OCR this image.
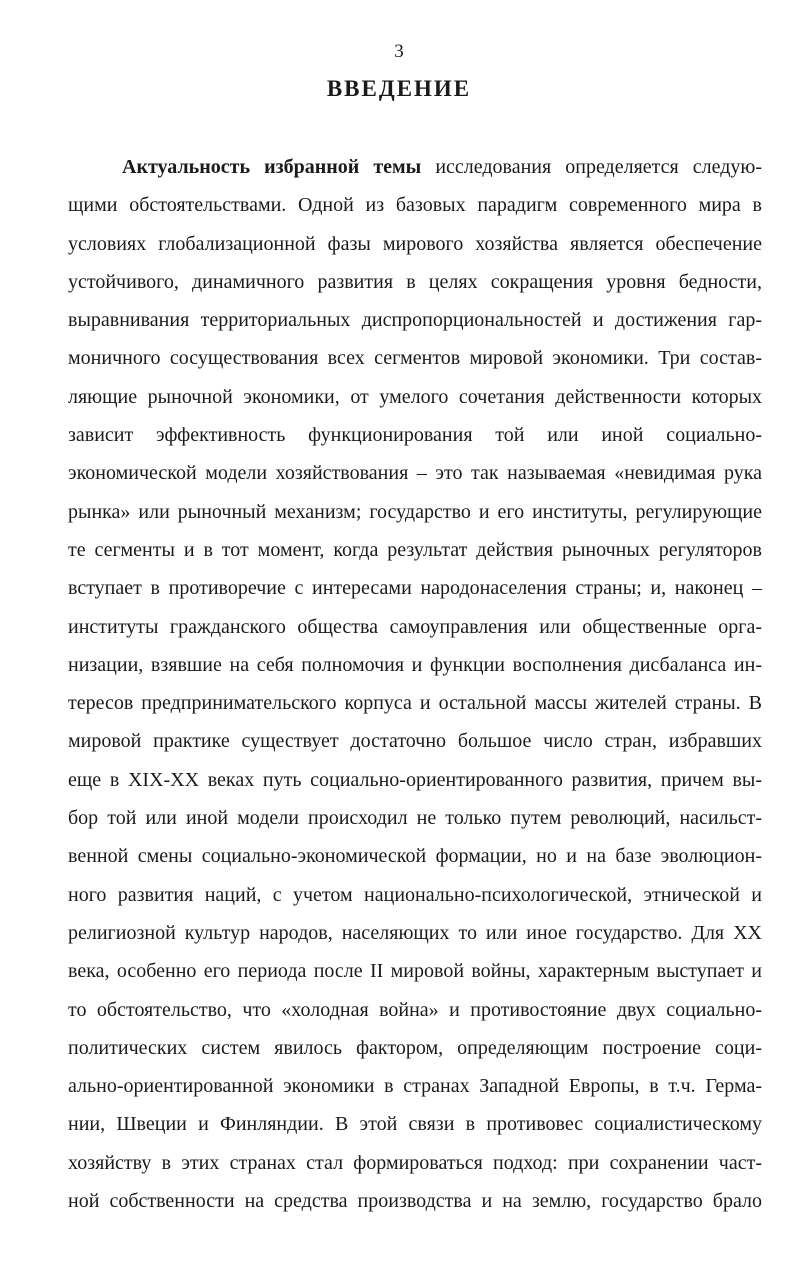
3
ВВЕДЕНИЕ
Актуальность избранной темы исследования определяется следую-
щими обстоятельствами. Одной из базовых парадигм современного мира в
условиях глобализационной фазы мирового хозяйства является обеспечение
устойчивого, динамичного развития в целях сокращения уровня бедности,
выравнивания территориальных диспропорциональностей и достижения гар-
моничного сосуществования всех сегментов мировой экономики. Три состав-
ляющие рыночной экономики, от умелого сочетания действенности которых
зависит эффективность функционирования той или иной социально-
экономической модели хозяйствования – это так называемая «невидимая рука
рынка» или рыночный механизм; государство и его институты, регулирующие
те сегменты и в тот момент, когда результат действия рыночных регуляторов
вступает в противоречие с интересами народонаселения страны; и, наконец –
институты гражданского общества самоуправления или общественные орга-
низации, взявшие на себя полномочия и функции восполнения дисбаланса ин-
тересов предпринимательского корпуса и остальной массы жителей страны. В
мировой практике существует достаточно большое число стран, избравших
еще в XIX-XX веках путь социально-ориентированного развития, причем вы-
бор той или иной модели происходил не только путем революций, насильст-
венной смены социально-экономической формации, но и на базе эволюцион-
ного развития наций, с учетом национально-психологической, этнической и
религиозной культур народов, населяющих то или иное государство. Для XX
века, особенно его периода после II мировой войны, характерным выступает и
то обстоятельство, что «холодная война» и противостояние двух социально-
политических систем явилось фактором, определяющим построение соци-
ально-ориентированной экономики в странах Западной Европы, в т.ч. Герма-
нии, Швеции и Финляндии. В этой связи в противовес социалистическому
хозяйству в этих странах стал формироваться подход: при сохранении част-
ной собственности на средства производства и на землю, государство брало
